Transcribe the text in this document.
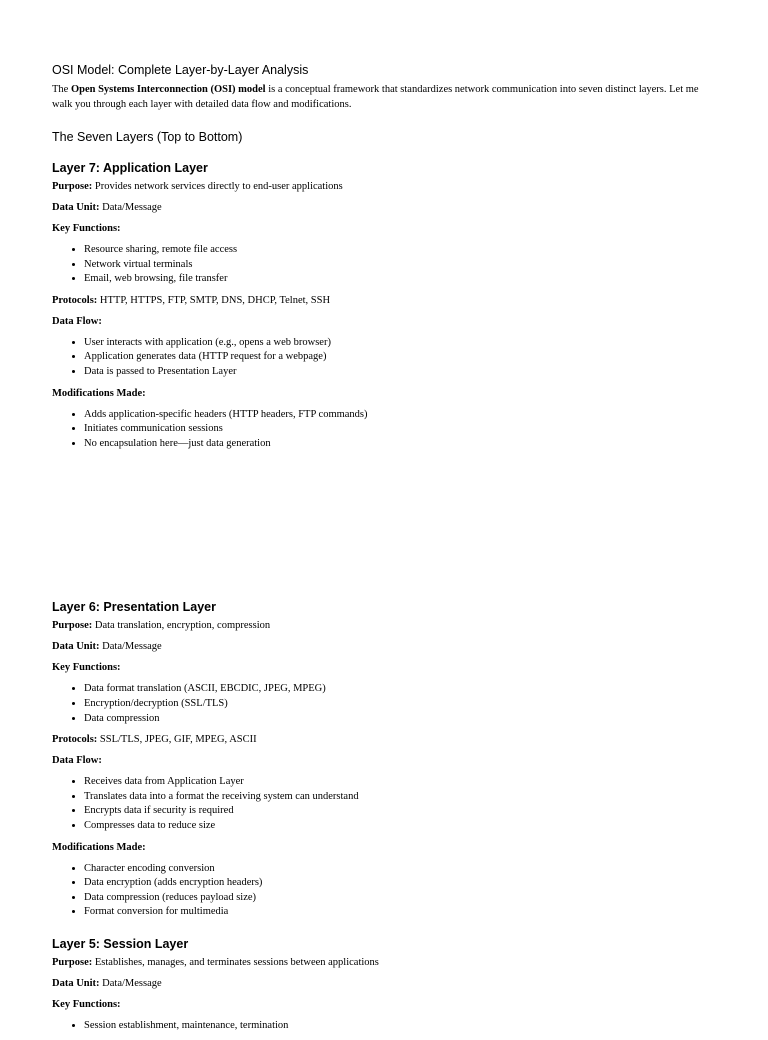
OSI Model: Complete Layer-by-Layer Analysis

The Open Systems Interconnection (OSI) model is a conceptual framework that standardizes network communication into seven distinct layers. Let me walk you through each layer with detailed data flow and modifications.

The Seven Layers (Top to Bottom)
Layer 7: Application Layer

Purpose: Provides network services directly to end-user applications

Data Unit: Data/Message

Key Functions:

• Resource sharing, remote file access
• Network virtual terminals
• Email, web browsing, file transfer

Protocols: HTTP, HTTPS, FTP, SMTP, DNS, DHCP, Telnet, SSH

Data Flow:

• User interacts with application (e.g., opens a web browser)
• Application generates data (HTTP request for a webpage)
• Data is passed to Presentation Layer

Modifications Made:

• Adds application-specific headers (HTTP headers, FTP commands)
• Initiates communication sessions
• No encapsulation here—just data generation
Layer 6: Presentation Layer

Purpose: Data translation, encryption, compression

Data Unit: Data/Message

Key Functions:

• Data format translation (ASCII, EBCDIC, JPEG, MPEG)
• Encryption/decryption (SSL/TLS)
• Data compression

Protocols: SSL/TLS, JPEG, GIF, MPEG, ASCII

Data Flow:

• Receives data from Application Layer
• Translates data into a format the receiving system can understand
• Encrypts data if security is required
• Compresses data to reduce size

Modifications Made:

• Character encoding conversion
• Data encryption (adds encryption headers)
• Data compression (reduces payload size)
• Format conversion for multimedia
Layer 5: Session Layer

Purpose: Establishes, manages, and terminates sessions between applications

Data Unit: Data/Message

Key Functions:

• Session establishment, maintenance, termination
